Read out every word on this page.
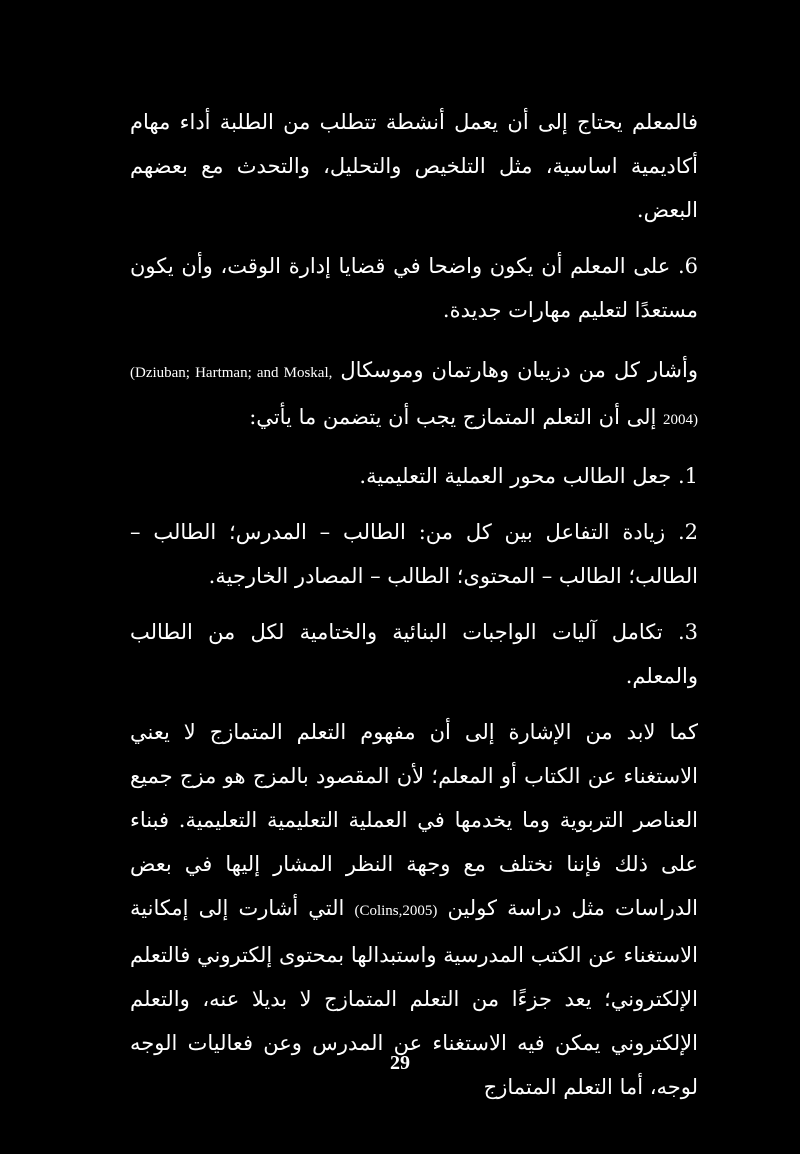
فالمعلم يحتاج إلى أن يعمل أنشطة تتطلب من الطلبة أداء مهام أكاديمية اساسية، مثل التلخيص والتحليل، والتحدث مع بعضهم البعض.

6. على المعلم أن يكون واضحا في قضايا إدارة الوقت، وأن يكون مستعدًا لتعليم مهارات جديدة.

وأشار كل من دزيبان وهارتمان وموسكال (Dziuban; Hartman; and Moskal, 2004) إلى أن التعلم المتمازج يجب أن يتضمن ما يأتي:

1. جعل الطالب محور العملية التعليمية.

2. زيادة التفاعل بين كل من: الطالب – المدرس؛ الطالب – الطالب؛ الطالب – المحتوى؛ الطالب – المصادر الخارجية.

3. تكامل آليات الواجبات البنائية والختامية لكل من الطالب والمعلم.

كما لابد من الإشارة إلى أن مفهوم التعلم المتمازج لا يعني الاستغناء عن الكتاب أو المعلم؛ لأن المقصود بالمزج هو مزج جميع العناصر التربوية وما يخدمها في العملية التعليمية التعليمية. فبناء على ذلك فإننا نختلف مع وجهة النظر المشار إليها في بعض الدراسات مثل دراسة كولين (Colins,2005) التي أشارت إلى إمكانية الاستغناء عن الكتب المدرسية واستبدالها بمحتوى إلكتروني فالتعلم الإلكتروني؛ يعد جزءًا من التعلم المتمازج لا بديلا عنه، والتعلم الإلكتروني يمكن فيه الاستغناء عن المدرس وعن فعاليات الوجه لوجه، أما التعلم المتمازج

29
